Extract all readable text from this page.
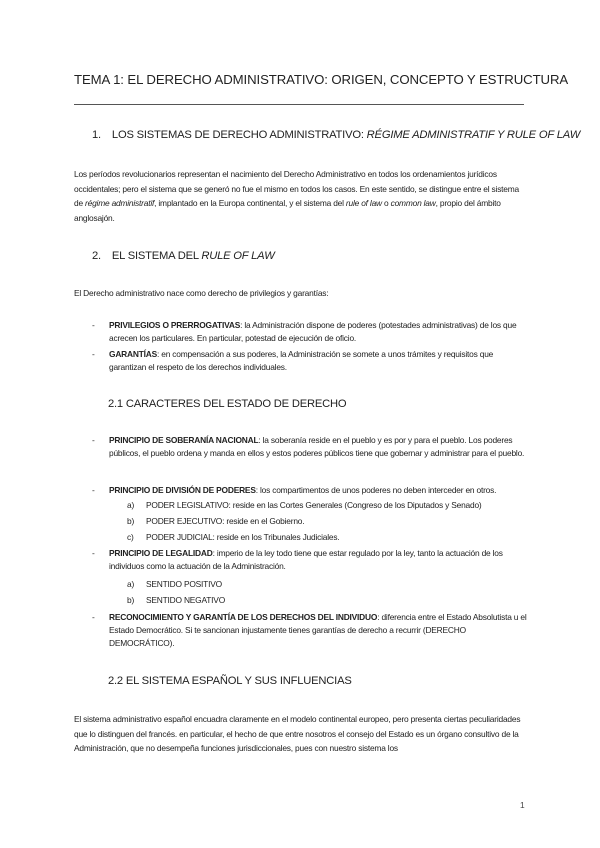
TEMA 1: EL DERECHO ADMINISTRATIVO: ORIGEN, CONCEPTO Y ESTRUCTURA
1. LOS SISTEMAS DE DERECHO ADMINISTRATIVO: RÉGIME ADMINISTRATIF Y RULE OF LAW
Los períodos revolucionarios representan el nacimiento del Derecho Administrativo en todos los ordenamientos jurídicos occidentales; pero el sistema que se generó no fue el mismo en todos los casos. En este sentido, se distingue entre el sistema de régime administratif, implantado en la Europa continental, y el sistema del rule of law o common law, propio del ámbito anglosajón.
2. EL SISTEMA DEL RULE OF LAW
El Derecho administrativo nace como derecho de privilegios y garantías:
- PRIVILEGIOS O PRERROGATIVAS: la Administración dispone de poderes (potestades administrativas) de los que acrecen los particulares. En particular, potestad de ejecución de oficio.
- GARANTÍAS: en compensación a sus poderes, la Administración se somete a unos trámites y requisitos que garantizan el respeto de los derechos individuales.
2.1 CARACTERES DEL ESTADO DE DERECHO
- PRINCIPIO DE SOBERANÍA NACIONAL: la soberanía reside en el pueblo y es por y para el pueblo. Los poderes públicos, el pueblo ordena y manda en ellos y estos poderes públicos tiene que gobernar y administrar para el pueblo.
- PRINCIPIO DE DIVISIÓN DE PODERES: los compartimentos de unos poderes no deben interceder en otros.
a) PODER LEGISLATIVO: reside en las Cortes Generales (Congreso de los Diputados y Senado)
b) PODER EJECUTIVO: reside en el Gobierno.
c) PODER JUDICIAL: reside en los Tribunales Judiciales.
- PRINCIPIO DE LEGALIDAD: imperio de la ley todo tiene que estar regulado por la ley, tanto la actuación de los individuos como la actuación de la Administración.
a) SENTIDO POSITIVO
b) SENTIDO NEGATIVO
- RECONOCIMIENTO Y GARANTÍA DE LOS DERECHOS DEL INDIVIDUO: diferencia entre el Estado Absolutista u el Estado Democrático. Si te sancionan injustamente tienes garantías de derecho a recurrir (DERECHO DEMOCRÁTICO).
2.2 EL SISTEMA ESPAÑOL Y SUS INFLUENCIAS
El sistema administrativo español encuadra claramente en el modelo continental europeo, pero presenta ciertas peculiaridades que lo distinguen del francés. en particular, el hecho de que entre nosotros el consejo del Estado es un órgano consultivo de la Administración, que no desempeña funciones jurisdiccionales, pues con nuestro sistema los
1
